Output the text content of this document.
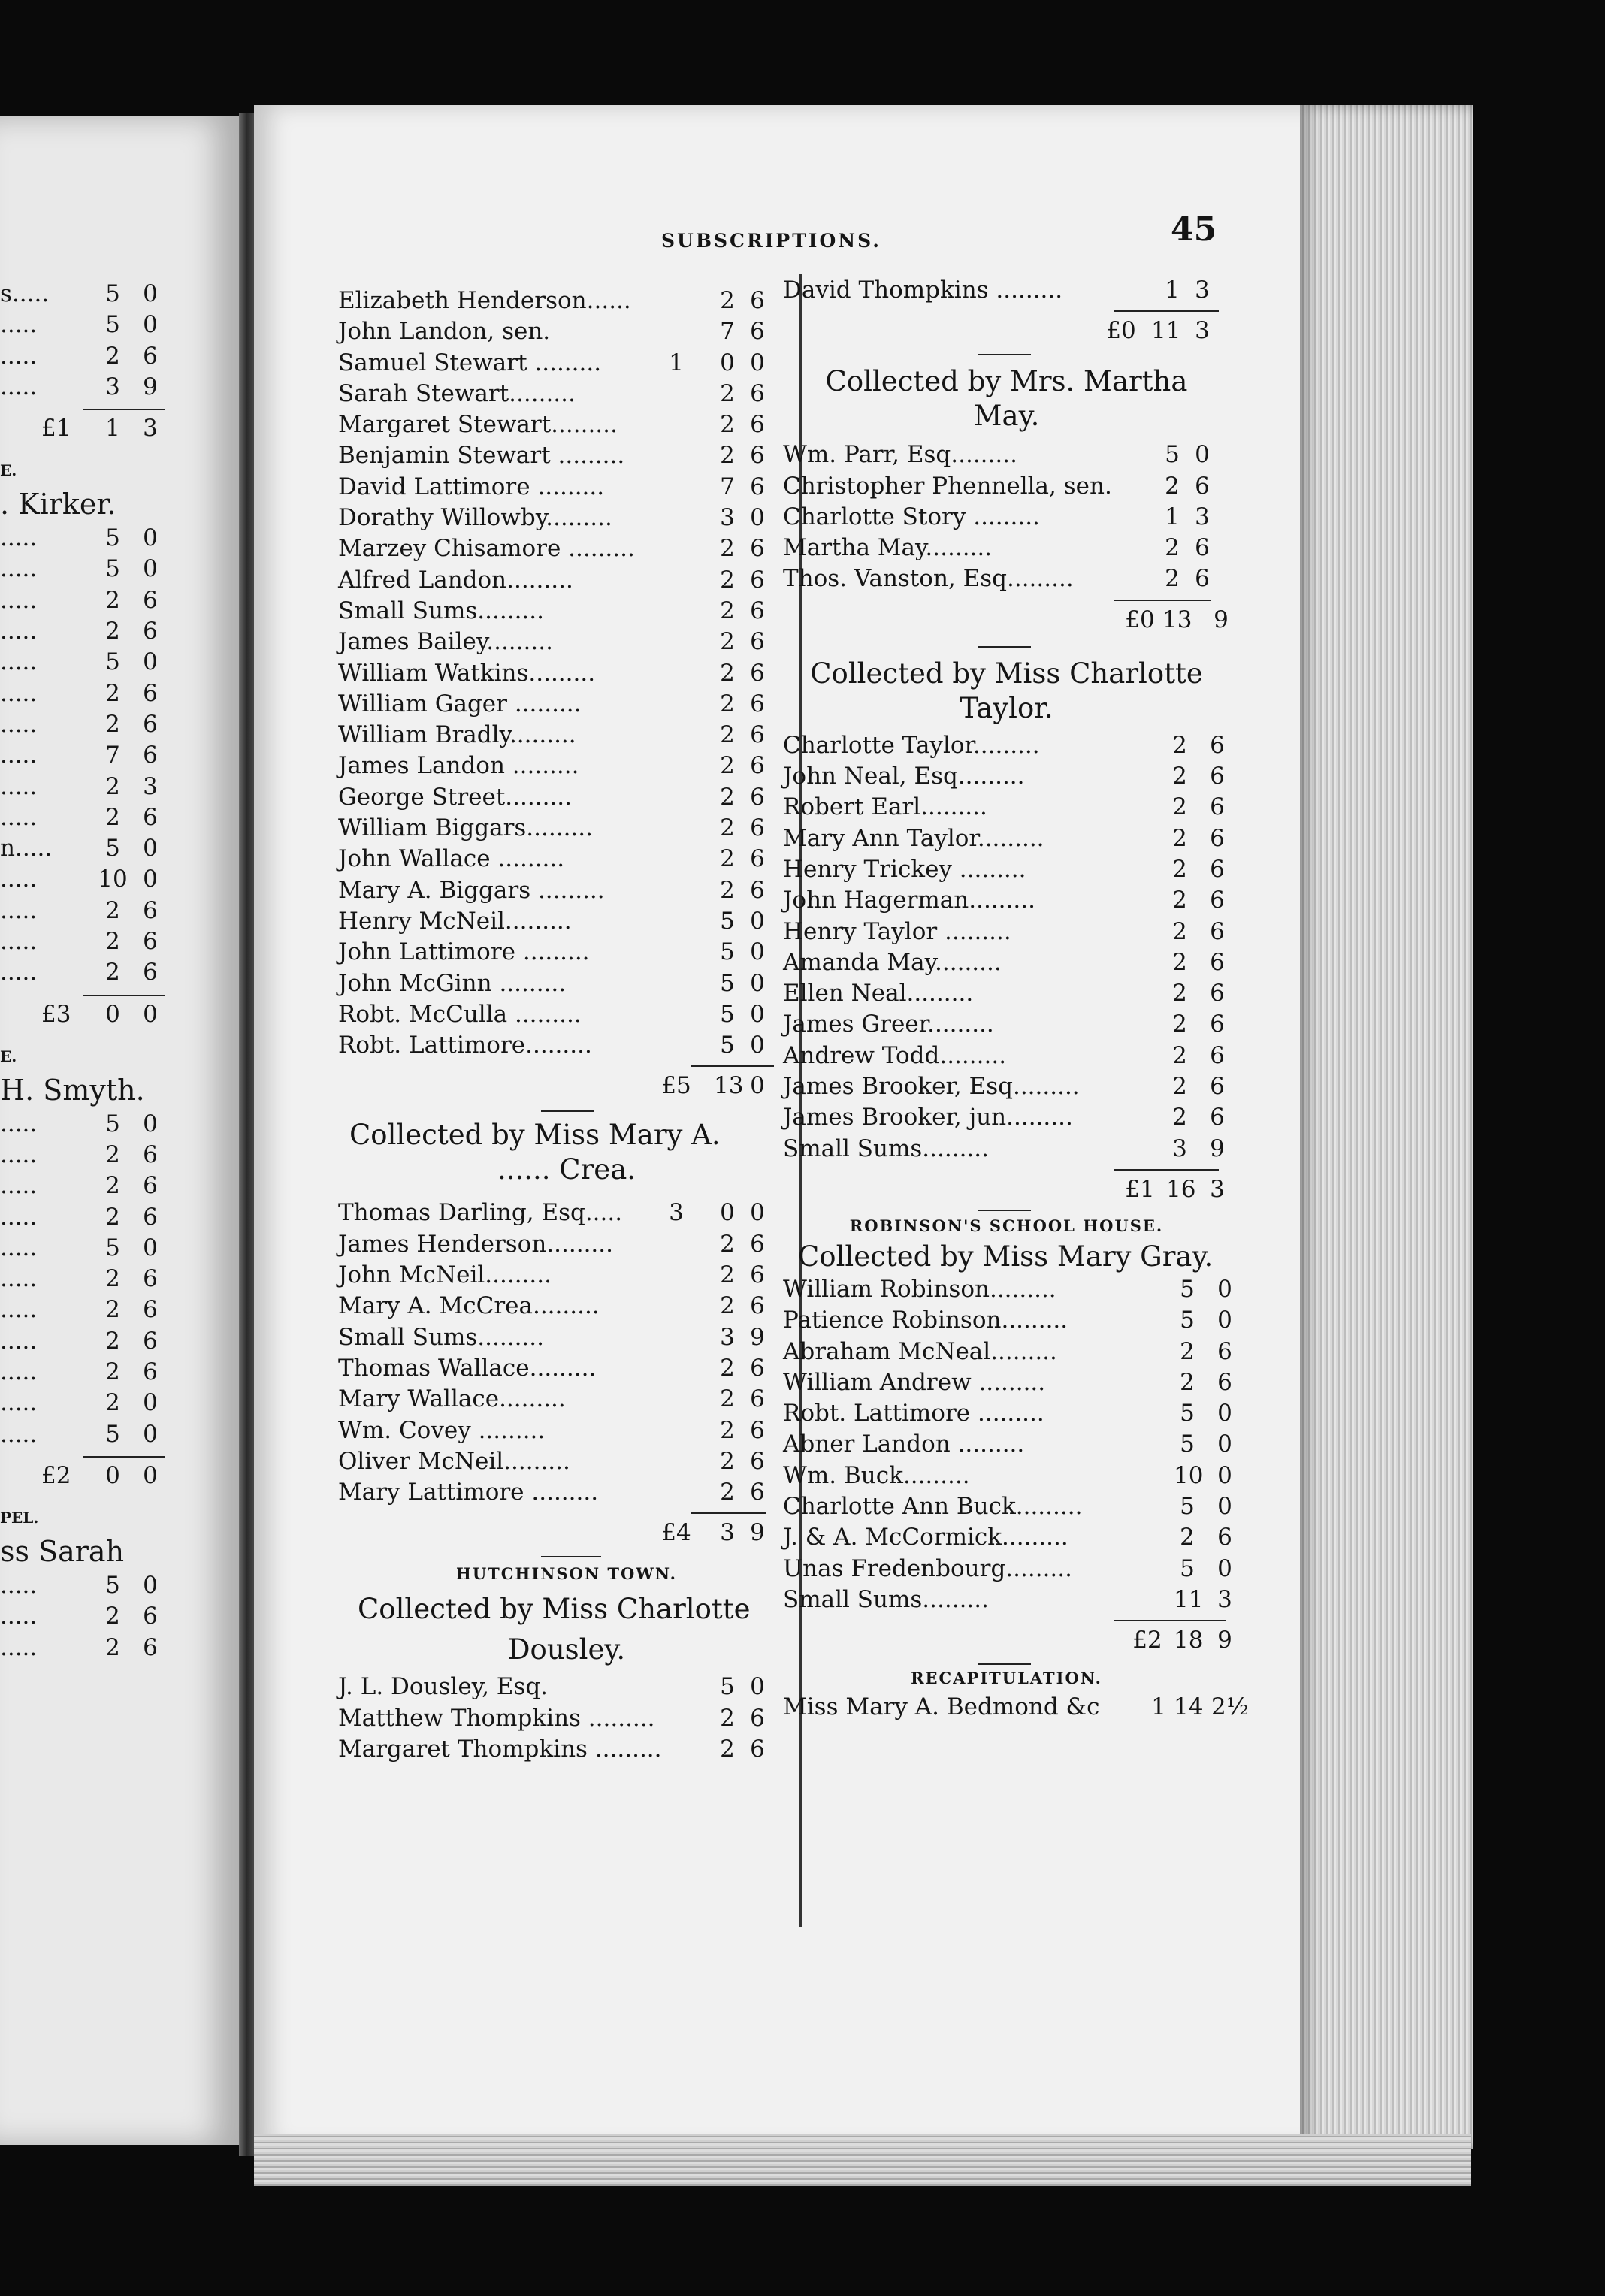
s.....	5 0
.....	5 0
.....	2 6
.....	3 9
£1	1 3
E.
. Kirker.
.....	5 0
.....	5 0
.....	2 6
.....	2 6
.....	5 0
.....	2 6
.....	2 6
.....	7 6
.....	2 3
.....	2 6
n.....	5 0
.....	10 0
.....	2 6
.....	2 6
.....	2 6
£3	0 0
E.
H. Smyth.
.....	5 0
.....	2 6
.....	2 6
.....	2 6
.....	5 0
.....	2 6
.....	2 6
.....	2 6
.....	2 6
.....	2 0
.....	5 0
£2	0 0
PEL.
ss Sarah
.....	5 0
.....	2 6
.....	2 6
SUBSCRIPTIONS.	45
Elizabeth Henderson......	2 6
John Landon, sen.	7 6
Samuel Stewart .........	1	0 0
Sarah Stewart.........	2 6
Margaret Stewart.........	2 6
Benjamin Stewart .........	2 6
David Lattimore .........	7 6
Dorathy Willowby.........	3 0
Marzey Chisamore .........	2 6
Alfred Landon.........	2 6
Small Sums.........	2 6
James Bailey.........	2 6
William Watkins.........	2 6
William Gager .........	2 6
William Bradly.........	2 6
James Landon .........	2 6
George Street.........	2 6
William Biggars.........	2 6
John Wallace .........	2 6
Mary A. Biggars .........	2 6
Henry McNeil.........	5 0
John Lattimore .........	5 0
John McGinn .........	5 0
Robt. McCulla .........	5 0
Robt. Lattimore.........	5 0
£5 13 0
Collected by Miss Mary A.
...... Crea.
Thomas Darling, Esq.....	3	0 0
James Henderson.........	2 6
John McNeil.........	2 6
Mary A. McCrea.........	2 6
Small Sums.........	3 9
Thomas Wallace.........	2 6
Mary Wallace.........	2 6
Wm. Covey .........	2 6
Oliver McNeil.........	2 6
Mary Lattimore .........	2 6
£4	3 9
HUTCHINSON TOWN.
Collected by Miss Charlotte
Dousley.
J. L. Dousley, Esq.	5 0
Matthew Thompkins .........	2 6
Margaret Thompkins .........	2 6
David Thompkins .........	1 3
£0 11 3
Collected by Mrs. Martha
May.
Wm. Parr, Esq.........	5 0
Christopher Phennella, sen. 2 6
Charlotte Story .........	1 3
Martha May.........	2 6
Thos. Vanston, Esq.........	2 6
£0 13 9
Collected by Miss Charlotte
Taylor.
Charlotte Taylor.........	2 6
John Neal, Esq.........	2 6
Robert Earl.........	2 6
Mary Ann Taylor.........	2 6
Henry Trickey .........	2 6
John Hagerman.........	2 6
Henry Taylor .........	2 6
Amanda May.........	2 6
Ellen Neal.........	2 6
James Greer.........	2 6
Andrew Todd.........	2 6
James Brooker, Esq.........	2 6
James Brooker, jun.........	2 6
Small Sums.........	3 9
£1 16 3
ROBINSON'S SCHOOL HOUSE.
Collected by Miss Mary Gray.
William Robinson.........	5 0
Patience Robinson.........	5 0
Abraham McNeal.........	2 6
William Andrew .........	2 6
Robt. Lattimore .........	5 0
Abner Landon .........	5 0
Wm. Buck.........	10 0
Charlotte Ann Buck.........	5 0
J. & A. McCormick.........	2 6
Unas Fredenbourg.........	5 0
Small Sums.........	11 3
£2 18 9
RECAPITULATION.
Miss Mary A. Bedmond &c	1 14 2½
